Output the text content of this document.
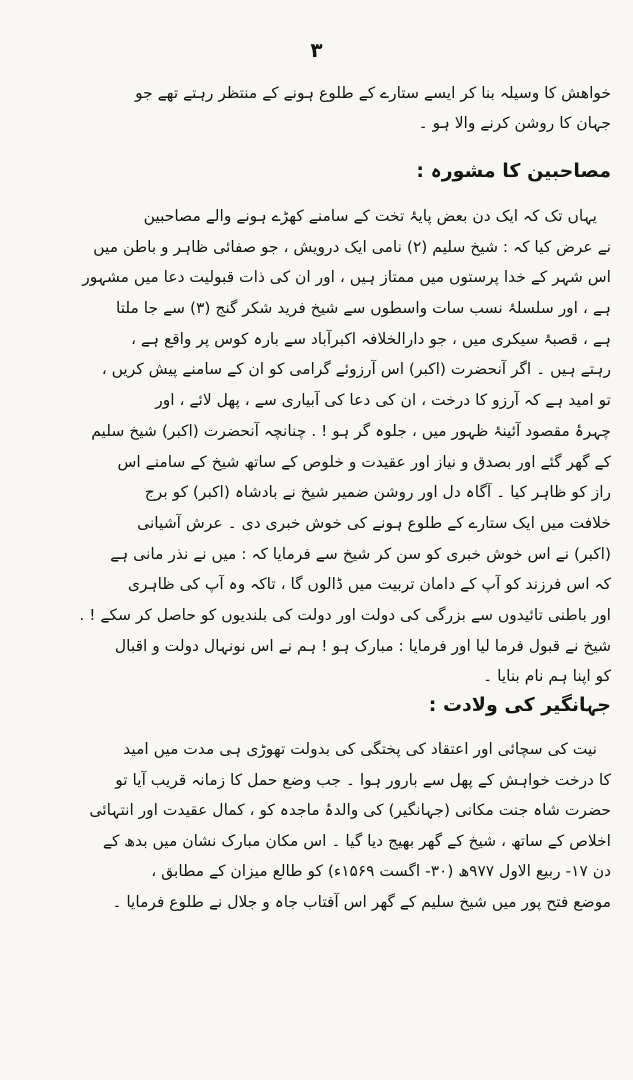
۳
خواهش کا وسیلہ بنا کر ایسے ستارے کے طلوع ہونے کے منتظر رہتے تھے جو
جہان کا روشن کرنے والا ہو ۔
مصاحبین کا مشورہ :
یہاں تک کہ ایک دن بعض پایۂ تخت کے سامنے کھڑے ہونے والے مصاحبین
نے عرض کیا کہ : شیخ سلیم (۲) نامی ایک درویش ، جو صفائی ظاہر و باطن میں
اس شہر کے خدا پرستوں میں ممتاز ہیں ، اور ان کی ذات قبولیت دعا میں مشہور
ہے ، اور سلسلۂ نسب سات واسطوں سے شیخ فرید شکر گنج (۳) سے جا ملتا
ہے ، قصبۂ سیکری میں ، جو دارالخلافہ اکبرآباد سے بارہ کوس پر واقع ہے ،
رہتے ہیں ۔ اگر آنحضرت (اکبر) اس آرزوئے گرامی کو ان کے سامنے پیش کریں ،
تو امید ہے کہ آرزو کا درخت ، ان کی دعا کی آبیاری سے ، پھل لائے ، اور
چہرۂ مقصود آئینۂ ظہور میں ، جلوہ گر ہو ! . چنانچہ آنحضرت (اکبر) شیخ سلیم
کے گھر گئے اور بصدق و نیاز اور عقیدت و خلوص کے ساتھ شیخ کے سامنے اس
راز کو ظاہر کیا ۔ آگاہ دل اور روشن ضمیر شیخ نے بادشاہ (اکبر) کو برج
خلافت میں ایک ستارے کے طلوع ہونے کی خوش خبری دی ۔ عرش آشیانی
(اکبر) نے اس خوش خبری کو سن کر شیخ سے فرمایا کہ : میں نے نذر مانی ہے
کہ اس فرزند کو آپ کے دامان تربیت میں ڈالوں گا ، تاکہ وہ آپ کی ظاہری
اور باطنی تائیدوں سے بزرگی کی دولت اور دولت کی بلندیوں کو حاصل کر سکے ! .
شیخ نے قبول فرما لیا اور فرمایا : مبارک ہو ! ہم نے اس نونہال دولت و اقبال
کو اپنا ہم نام بنایا ۔
جہانگیر کی ولادت :
نیت کی سچائی اور اعتقاد کی پختگی کی بدولت تھوڑی ہی مدت میں امید
کا درخت خواہش کے پھل سے بارور ہوا ۔ جب وضع حمل کا زمانہ قریب آیا تو
حضرت شاہ جنت مکانی (جہانگیر) کی والدۂ ماجدہ کو ، کمال عقیدت اور انتہائی
اخلاص کے ساتھ ، شیخ کے گھر بھیج دیا گیا ۔ اس مکان مبارک نشان میں بدھ کے
دن ۱۷- ربیع الاول ۹۷۷ھ (۳۰- اگست ۱۵۶۹ء) کو طالع میزان کے مطابق ،
موضع فتح پور میں شیخ سلیم کے گھر اس آفتاب جاہ و جلال نے طلوع فرمایا ۔
